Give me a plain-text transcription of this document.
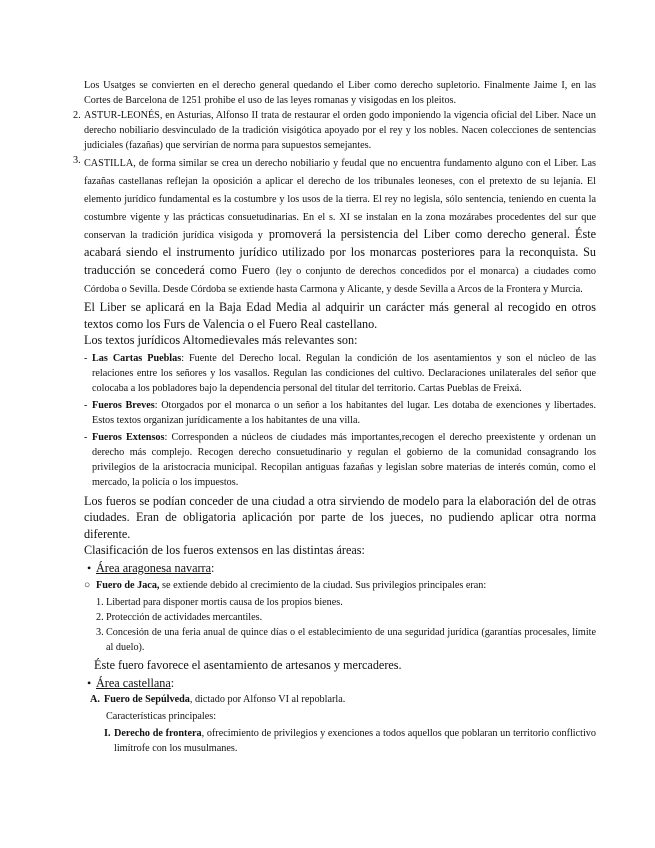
Los Usatges se convierten en el derecho general quedando el Liber como derecho supletorio. Finalmente Jaime I, en las Cortes de Barcelona de 1251 prohibe el uso de las leyes romanas y visigodas en los pleitos.

2. ASTUR-LEONÉS, en Asturias, Alfonso II trata de restaurar el orden godo imponiendo la vigencia oficial del Liber. Nace un derecho nobiliario desvinculado de la tradición visigótica apoyado por el rey y los nobles. Nacen colecciones de sentencias judiciales (fazañas) que servirían de norma para supuestos semejantes.

3. CASTILLA, de forma similar se crea un derecho nobiliario y feudal que no encuentra fundamento alguno con el Liber. Las fazañas castellanas reflejan la oposición a aplicar el derecho de los tribunales leoneses, con el pretexto de su lejanía. El elemento jurídico fundamental es la costumbre y los usos de la tierra. El rey no legisla, sólo sentencia, teniendo en cuenta la costumbre vigente y las prácticas consuetudinarias. En el s. XI se instalan en la zona mozárabes procedentes del sur que conservan la tradición jurídica visigoda y promoverá la persistencia del Liber como derecho general. Éste acabará siendo el instrumento jurídico utilizado por los monarcas posteriores para la reconquista. Su traducción se concederá como Fuero (ley o conjunto de derechos concedidos por el monarca) a ciudades como Córdoba o Sevilla. Desde Córdoba se extiende hasta Carmona y Alicante, y desde Sevilla a Arcos de la Frontera y Murcia.

El Liber se aplicará en la Baja Edad Media al adquirir un carácter más general al recogido en otros textos como los Furs de Valencia o el Fuero Real castellano.

Los textos jurídicos Altomedievales más relevantes son:

- Las Cartas Pueblas: Fuente del Derecho local. Regulan la condición de los asentamientos y son el núcleo de las relaciones entre los señores y los vasallos. Regulan las condiciones del cultivo. Declaraciones unilaterales del señor que colocaba a los pobladores bajo la dependencia personal del titular del territorio. Cartas Pueblas de Freixá.

- Fueros Breves: Otorgados por el monarca o un señor a los habitantes del lugar. Les dotaba de exenciones y libertades. Estos textos organizan jurídicamente a los habitantes de una villa.

- Fueros Extensos: Corresponden a núcleos de ciudades más importantes,recogen el derecho preexistente y ordenan un derecho más complejo. Recogen derecho consuetudinario y regulan el gobierno de la comunidad consagrando los privilegios de la aristocracia municipal. Recopilan antiguas fazañas y legislan sobre materias de interés común, como el mercado, la policía o los impuestos.

Los fueros se podían conceder de una ciudad a otra sirviendo de modelo para la elaboración del de otras ciudades. Eran de obligatoria aplicación por parte de los jueces, no pudiendo aplicar otra norma diferente.

Clasificación de los fueros extensos en las distintas áreas:

• Área aragonesa navarra:

○ Fuero de Jaca, se extiende debido al crecimiento de la ciudad. Sus privilegios principales eran:

1. Libertad para disponer mortis causa de los propios bienes.

2. Protección de actividades mercantiles.

3. Concesión de una feria anual de quince días o el establecimiento de una seguridad jurídica (garantías procesales, límite al duelo).

Éste fuero favorece el asentamiento de artesanos y mercaderes.

• Área castellana:

A. Fuero de Sepúlveda, dictado por Alfonso VI al repoblarla.

Características principales:

I. Derecho de frontera, ofrecimiento de privilegios y exenciones a todos aquellos que poblaran un territorio conflictivo limítrofe con los musulmanes.
